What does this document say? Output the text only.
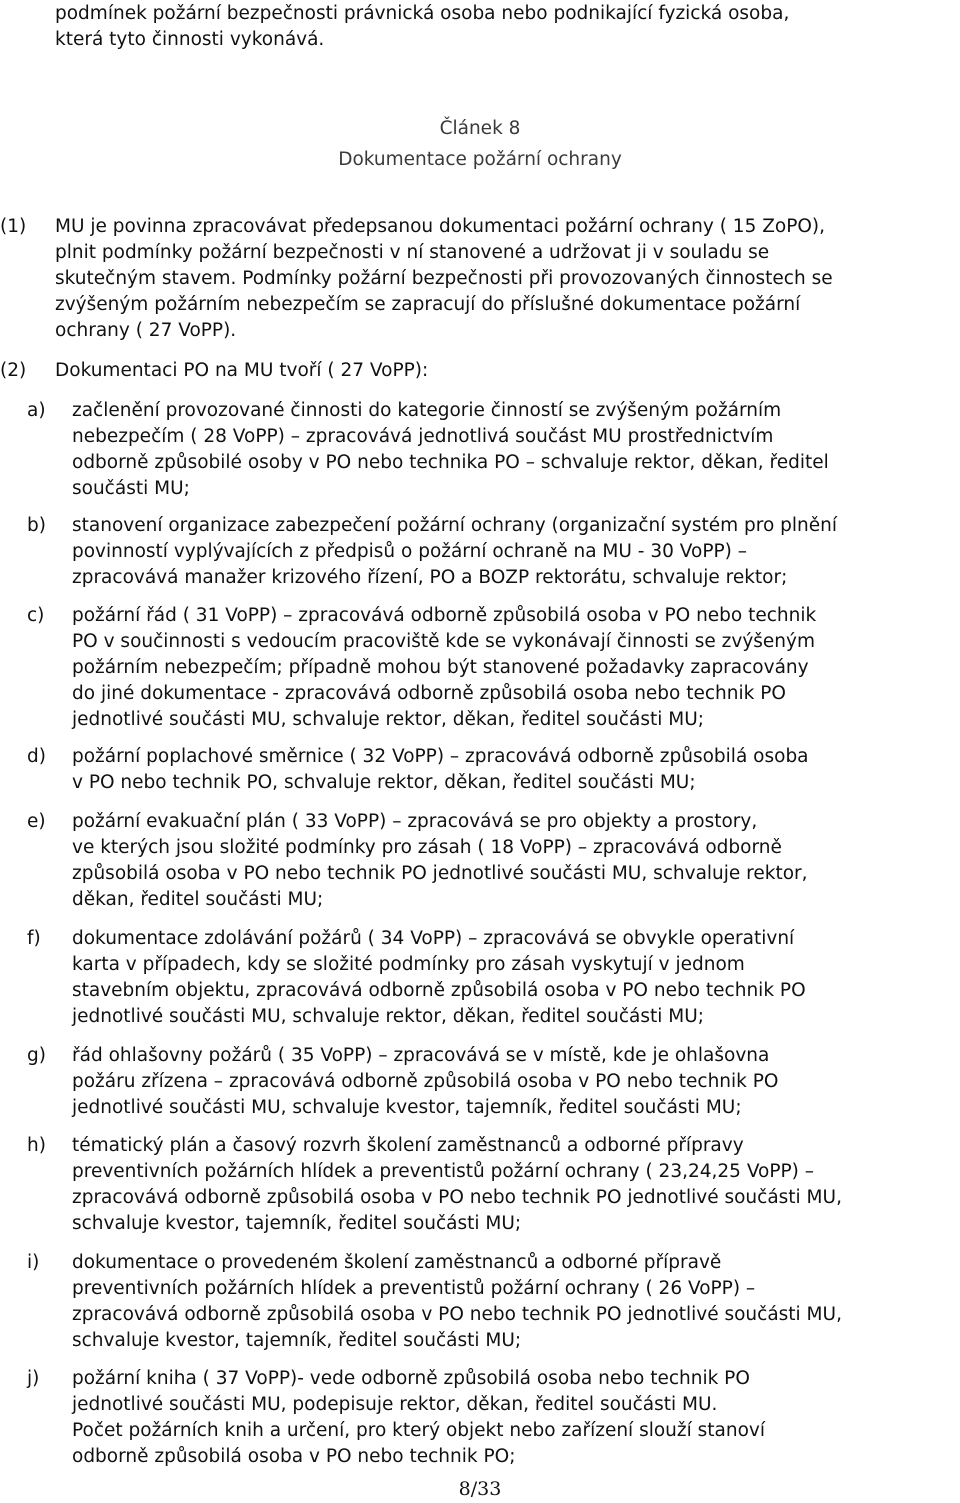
podmínek požární bezpečnosti právnická osoba nebo podnikající fyzická osoba,
která tyto činnosti vykonává.
Článek 8
Dokumentace požární ochrany
(1) MU je povinna zpracovávat předepsanou dokumentaci požární ochrany ( 15 ZoPO),
plnit podmínky požární bezpečnosti v ní stanovené a udržovat ji v souladu se
skutečným stavem. Podmínky požární bezpečnosti při provozovaných činnostech se
zvýšeným požárním nebezpečím se zapracují do příslušné dokumentace požární
ochrany ( 27 VoPP).
(2) Dokumentaci PO na MU tvoří ( 27 VoPP):
a) začlenění provozované činnosti do kategorie činností se zvýšeným požárním
nebezpečím ( 28 VoPP) – zpracovává jednotlivá součást MU prostřednictvím
odborně způsobilé osoby v PO nebo technika PO – schvaluje rektor, děkan, ředitel
součásti MU;
b) stanovení organizace zabezpečení požární ochrany (organizační systém pro plnění
povinností vyplývajících z předpisů o požární ochraně na MU - 30 VoPP) –
zpracovává manažer krizového řízení, PO a BOZP rektorátu, schvaluje rektor;
c) požární řád ( 31 VoPP) – zpracovává odborně způsobilá osoba v PO nebo technik
PO v součinnosti s vedoucím pracoviště kde se vykonávají činnosti se zvýšeným
požárním nebezpečím; případně mohou být stanovené požadavky zapracovány
do jiné dokumentace - zpracovává odborně způsobilá osoba nebo technik PO
jednotlivé součásti MU, schvaluje rektor, děkan, ředitel součásti MU;
d) požární poplachové směrnice ( 32 VoPP) – zpracovává odborně způsobilá osoba
v PO nebo technik PO, schvaluje rektor, děkan, ředitel součásti MU;
e) požární evakuační plán ( 33 VoPP) – zpracovává se pro objekty a prostory,
ve kterých jsou složité podmínky pro zásah ( 18 VoPP) – zpracovává odborně
způsobilá osoba v PO nebo technik PO jednotlivé součásti MU, schvaluje rektor,
děkan, ředitel součásti MU;
f) dokumentace zdolávání požárů ( 34 VoPP) – zpracovává se obvykle operativní
karta v případech, kdy se složité podmínky pro zásah vyskytují v jednom
stavebním objektu, zpracovává odborně způsobilá osoba v PO nebo technik PO
jednotlivé součásti MU, schvaluje rektor, děkan, ředitel součásti MU;
g) řád ohlašovny požárů ( 35 VoPP) – zpracovává se v místě, kde je ohlašovna
požáru zřízena – zpracovává odborně způsobilá osoba v PO nebo technik PO
jednotlivé součásti MU, schvaluje kvestor, tajemník, ředitel součásti MU;
h) tématický plán a časový rozvrh školení zaměstnanců a odborné přípravy
preventivních požárních hlídek a preventistů požární ochrany ( 23,24,25 VoPP) –
zpracovává odborně způsobilá osoba v PO nebo technik PO jednotlivé součásti MU,
schvaluje kvestor, tajemník, ředitel součásti MU;
i) dokumentace o provedeném školení zaměstnanců a odborné přípravě
preventivních požárních hlídek a preventistů požární ochrany ( 26 VoPP) –
zpracovává odborně způsobilá osoba v PO nebo technik PO jednotlivé součásti MU,
schvaluje kvestor, tajemník, ředitel součásti MU;
j) požární kniha ( 37 VoPP)- vede odborně způsobilá osoba nebo technik PO
jednotlivé součásti MU, podepisuje rektor, děkan, ředitel součásti MU.
Počet požárních knih a určení, pro který objekt nebo zařízení slouží stanoví
odborně způsobilá osoba v PO nebo technik PO;
8/33
